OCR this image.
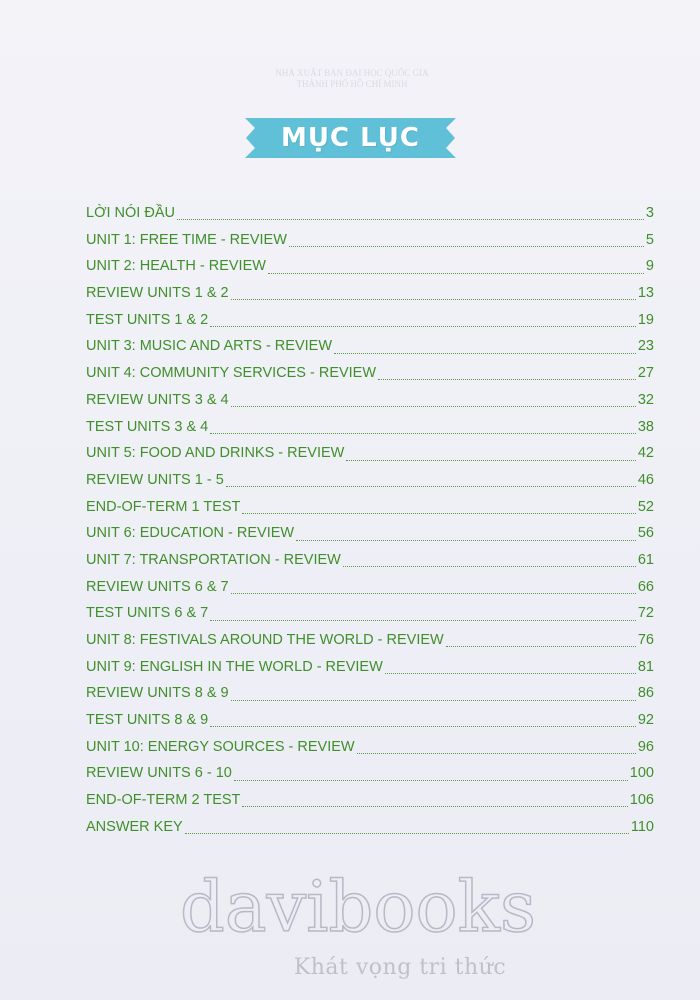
NHÀ XUẤT BẢN ĐẠI HỌC QUỐC GIA
THÀNH PHỐ HỒ CHÍ MINH
MỤC LỤC
LỜI NÓI ĐẦU	3
UNIT 1: FREE TIME - REVIEW	5
UNIT 2: HEALTH - REVIEW	9
REVIEW UNITS 1 & 2	13
TEST UNITS 1 & 2	19
UNIT 3: MUSIC AND ARTS - REVIEW	23
UNIT 4: COMMUNITY SERVICES - REVIEW	27
REVIEW UNITS 3 & 4	32
TEST UNITS 3 & 4	38
UNIT 5: FOOD AND DRINKS - REVIEW	42
REVIEW UNITS 1 - 5	46
END-OF-TERM 1 TEST	52
UNIT 6: EDUCATION - REVIEW	56
UNIT 7: TRANSPORTATION - REVIEW	61
REVIEW UNITS 6 & 7	66
TEST UNITS 6 & 7	72
UNIT 8: FESTIVALS AROUND THE WORLD - REVIEW	76
UNIT 9: ENGLISH IN THE WORLD - REVIEW	81
REVIEW UNITS 8 & 9	86
TEST UNITS 8 & 9	92
UNIT 10: ENERGY SOURCES - REVIEW	96
REVIEW UNITS 6 - 10	100
END-OF-TERM 2 TEST	106
ANSWER KEY	110
davibooks
Khát vọng tri thức
